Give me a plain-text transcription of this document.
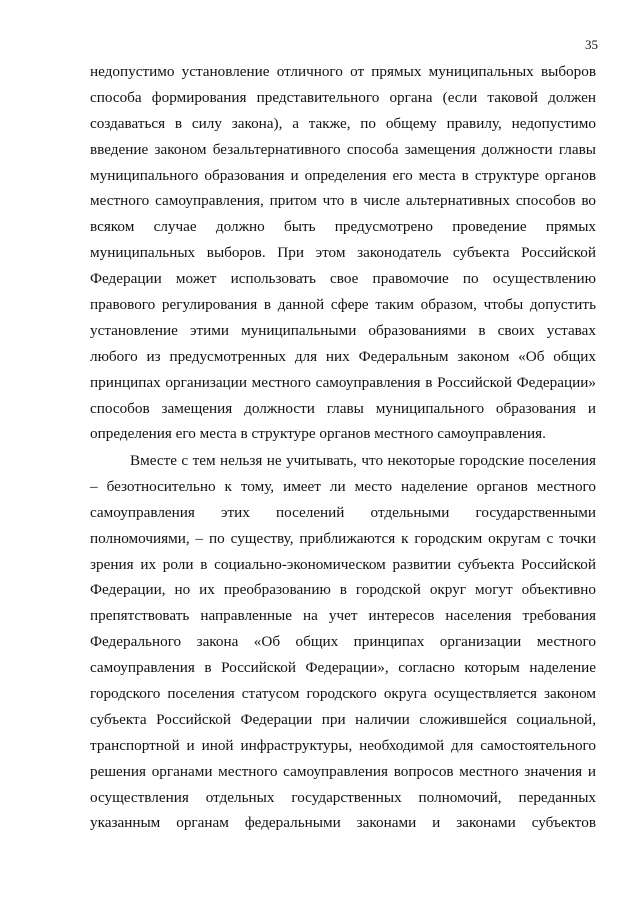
35
недопустимо установление отличного от прямых муниципальных выборов
способа формирования представительного органа (если таковой должен
создаваться в силу закона), а также, по общему правилу, недопустимо
введение законом безальтернативного способа замещения должности главы
муниципального образования и определения его места в структуре органов
местного самоуправления, притом что в числе альтернативных способов во
всяком случае должно быть предусмотрено проведение прямых
муниципальных выборов. При этом законодатель субъекта Российской
Федерации может использовать свое правомочие по осуществлению
правового регулирования в данной сфере таким образом, чтобы допустить
установление этими муниципальными образованиями в своих уставах
любого из предусмотренных для них Федеральным законом «Об общих
принципах организации местного самоуправления в Российской Федерации»
способов замещения должности главы муниципального образования и
определения его места в структуре органов местного самоуправления.
Вместе с тем нельзя не учитывать, что некоторые городские поселения
– безотносительно к тому, имеет ли место наделение органов местного
самоуправления этих поселений отдельными государственными
полномочиями, – по существу, приближаются к городским округам с точки
зрения их роли в социально-экономическом развитии субъекта Российской
Федерации, но их преобразованию в городской округ могут объективно
препятствовать направленные на учет интересов населения требования
Федерального закона «Об общих принципах организации местного
самоуправления в Российской Федерации», согласно которым наделение
городского поселения статусом городского округа осуществляется законом
субъекта Российской Федерации при наличии сложившейся социальной,
транспортной и иной инфраструктуры, необходимой для самостоятельного
решения органами местного самоуправления вопросов местного значения и
осуществления отдельных государственных полномочий, переданных
указанным органам федеральными законами и законами субъектов
